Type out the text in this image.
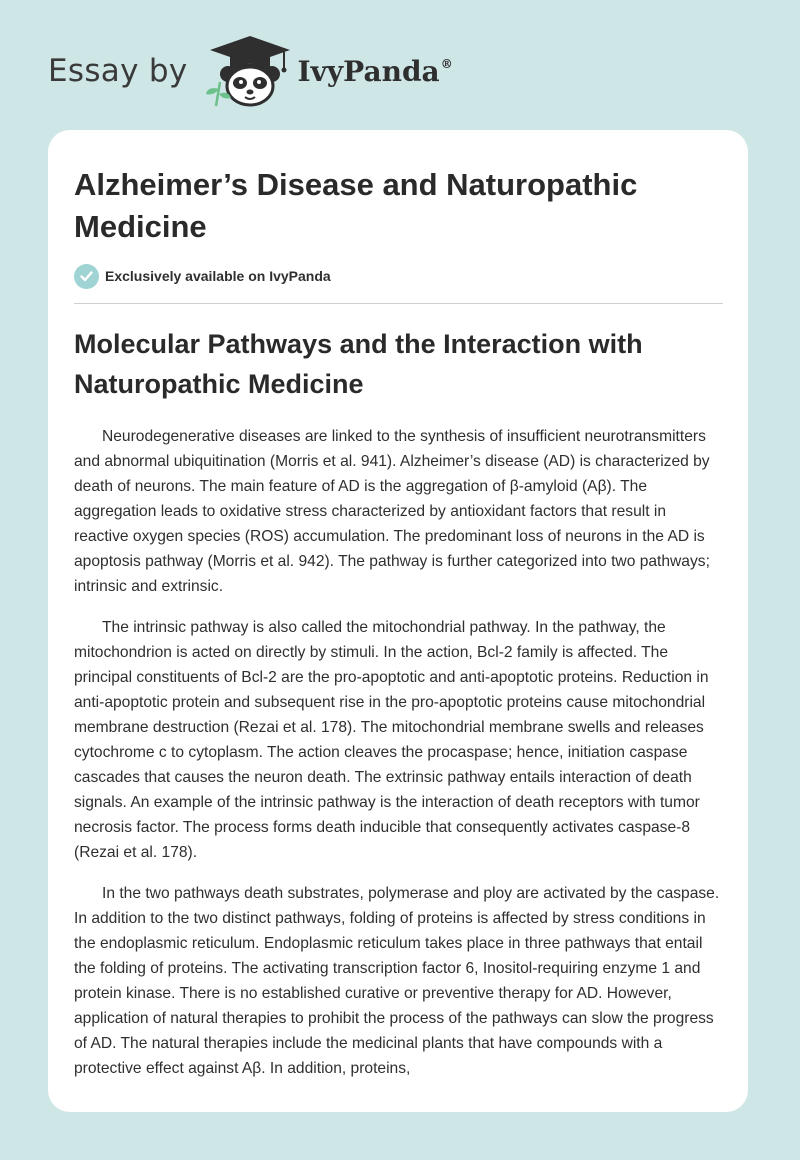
Essay by	IvyPanda®
Alzheimer’s Disease and Naturopathic Medicine
Exclusively available on IvyPanda
Molecular Pathways and the Interaction with Naturopathic Medicine

Neurodegenerative diseases are linked to the synthesis of insufficient neurotransmitters and abnormal ubiquitination (Morris et al. 941). Alzheimer’s disease (AD) is characterized by death of neurons. The main feature of AD is the aggregation of β-amyloid (Aβ). The aggregation leads to oxidative stress characterized by antioxidant factors that result in reactive oxygen species (ROS) accumulation. The predominant loss of neurons in the AD is apoptosis pathway (Morris et al. 942). The pathway is further categorized into two pathways; intrinsic and extrinsic.

The intrinsic pathway is also called the mitochondrial pathway. In the pathway, the mitochondrion is acted on directly by stimuli. In the action, Bcl-2 family is affected. The principal constituents of Bcl-2 are the pro-apoptotic and anti-apoptotic proteins. Reduction in anti-apoptotic protein and subsequent rise in the pro-apoptotic proteins cause mitochondrial membrane destruction (Rezai et al. 178). The mitochondrial membrane swells and releases cytochrome c to cytoplasm. The action cleaves the procaspase; hence, initiation caspase cascades that causes the neuron death. The extrinsic pathway entails interaction of death signals. An example of the intrinsic pathway is the interaction of death receptors with tumor necrosis factor. The process forms death inducible that consequently activates caspase-8 (Rezai et al. 178).

In the two pathways death substrates, polymerase and ploy are activated by the caspase. In addition to the two distinct pathways, folding of proteins is affected by stress conditions in the endoplasmic reticulum. Endoplasmic reticulum takes place in three pathways that entail the folding of proteins. The activating transcription factor 6, Inositol-requiring enzyme 1 and protein kinase. There is no established curative or preventive therapy for AD. However, application of natural therapies to prohibit the process of the pathways can slow the progress of AD. The natural therapies include the medicinal plants that have compounds with a protective effect against Aβ. In addition, proteins,
